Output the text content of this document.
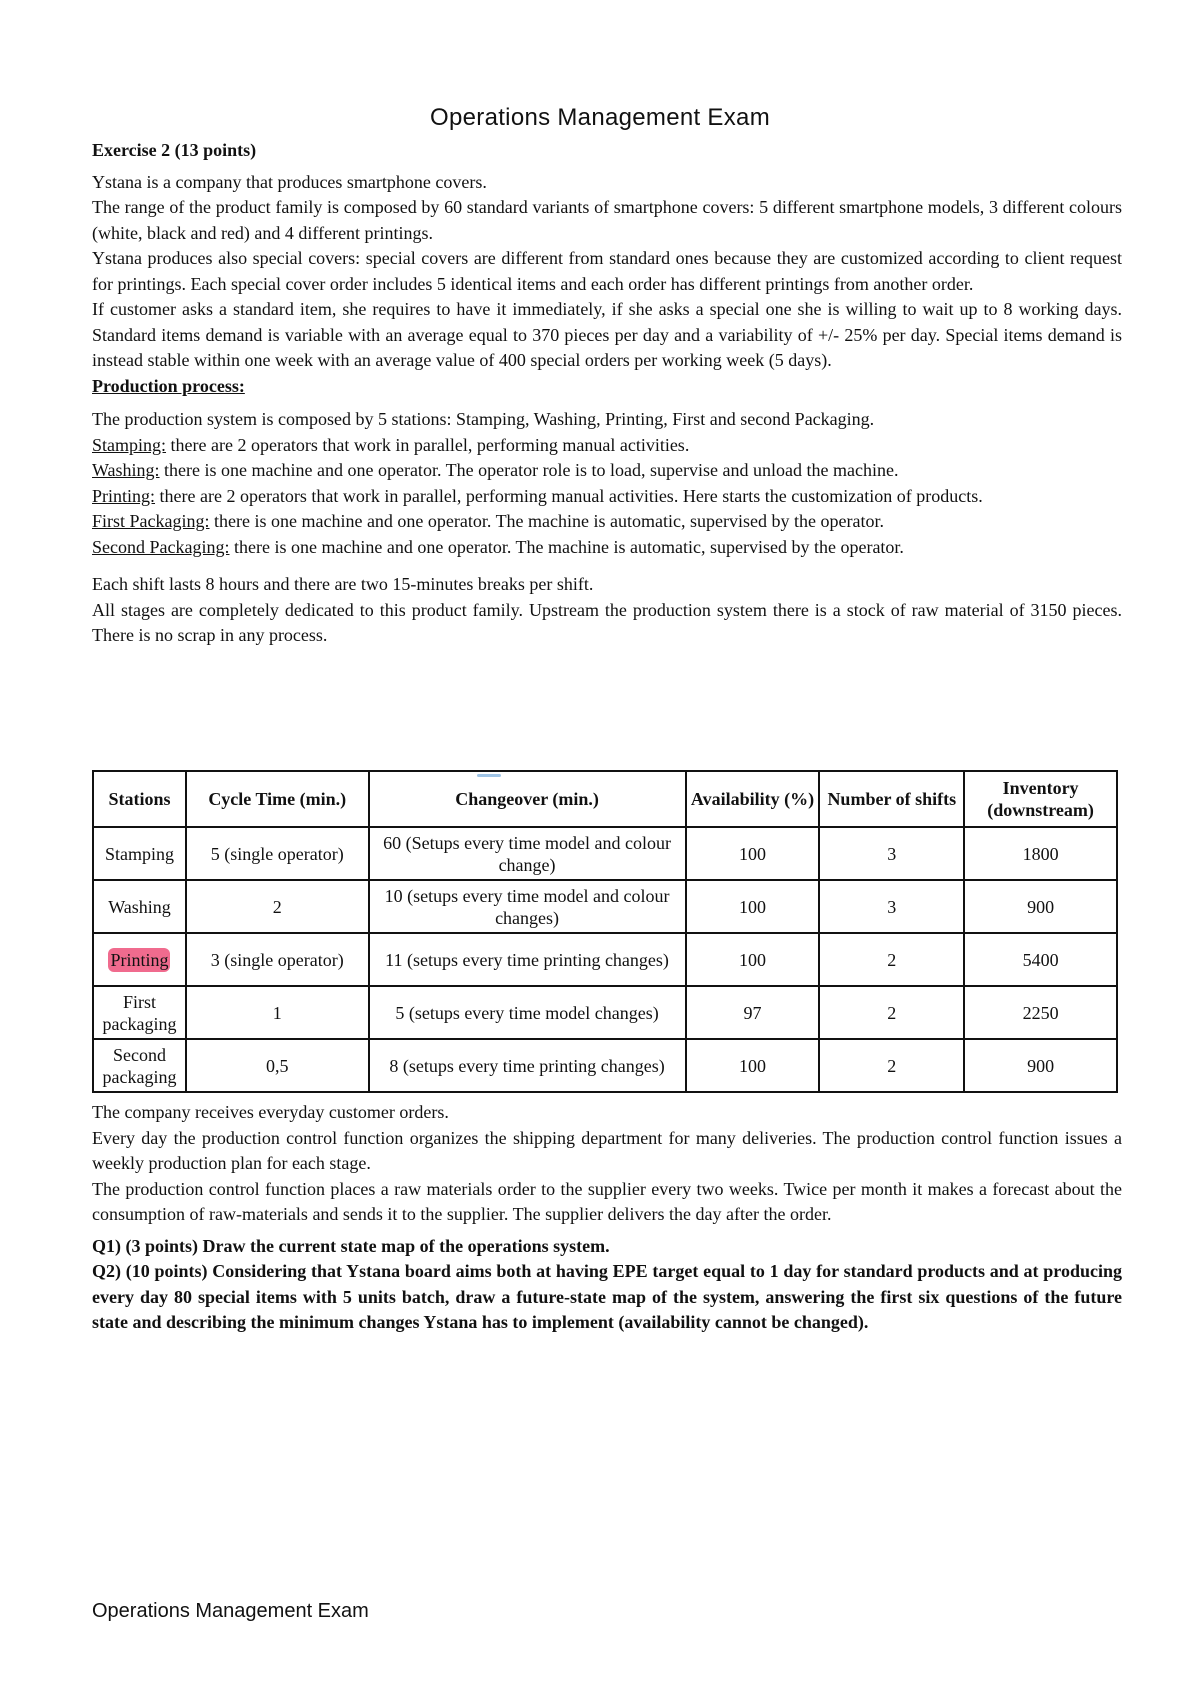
Operations Management Exam

Exercise 2 (13 points)

Ystana is a company that produces smartphone covers.

The range of the product family is composed by 60 standard variants of smartphone covers: 5 different smartphone models, 3 different colours (white, black and red) and 4 different printings.

Ystana produces also special covers: special covers are different from standard ones because they are customized according to client request for printings. Each special cover order includes 5 identical items and each order has different printings from another order.

If customer asks a standard item, she requires to have it immediately, if she asks a special one she is willing to wait up to 8 working days. Standard items demand is variable with an average equal to 370 pieces per day and a variability of +/- 25% per day. Special items demand is instead stable within one week with an average value of 400 special orders per working week (5 days).

Production process:

The production system is composed by 5 stations: Stamping, Washing, Printing, First and second Packaging.

Stamping: there are 2 operators that work in parallel, performing manual activities.

Washing: there is one machine and one operator. The operator role is to load, supervise and unload the machine.

Printing: there are 2 operators that work in parallel, performing manual activities. Here starts the customization of products.

First Packaging: there is one machine and one operator. The machine is automatic, supervised by the operator.

Second Packaging: there is one machine and one operator. The machine is automatic, supervised by the operator.

Each shift lasts 8 hours and there are two 15-minutes breaks per shift.

All stages are completely dedicated to this product family. Upstream the production system there is a stock of raw material of 3150 pieces. There is no scrap in any process.

Stations	Cycle Time (min.)	Changeover (min.)	Availability (%)	Number of shifts	Inventory (downstream)
Stamping	5 (single operator)	60 (Setups every time model and colour change)	100	3	1800
Washing	2	10 (setups every time model and colour changes)	100	3	900
Printing	3 (single operator)	11 (setups every time printing changes)	100	2	5400
First packaging	1	5 (setups every time model changes)	97	2	2250
Second packaging	0,5	8 (setups every time printing changes)	100	2	900

The company receives everyday customer orders.

Every day the production control function organizes the shipping department for many deliveries. The production control function issues a weekly production plan for each stage.

The production control function places a raw materials order to the supplier every two weeks. Twice per month it makes a forecast about the consumption of raw-materials and sends it to the supplier. The supplier delivers the day after the order.

Q1) (3 points) Draw the current state map of the operations system.

Q2) (10 points) Considering that Ystana board aims both at having EPE target equal to 1 day for standard products and at producing every day 80 special items with 5 units batch, draw a future-state map of the system, answering the first six questions of the future state and describing the minimum changes Ystana has to implement (availability cannot be changed).

Operations Management Exam
